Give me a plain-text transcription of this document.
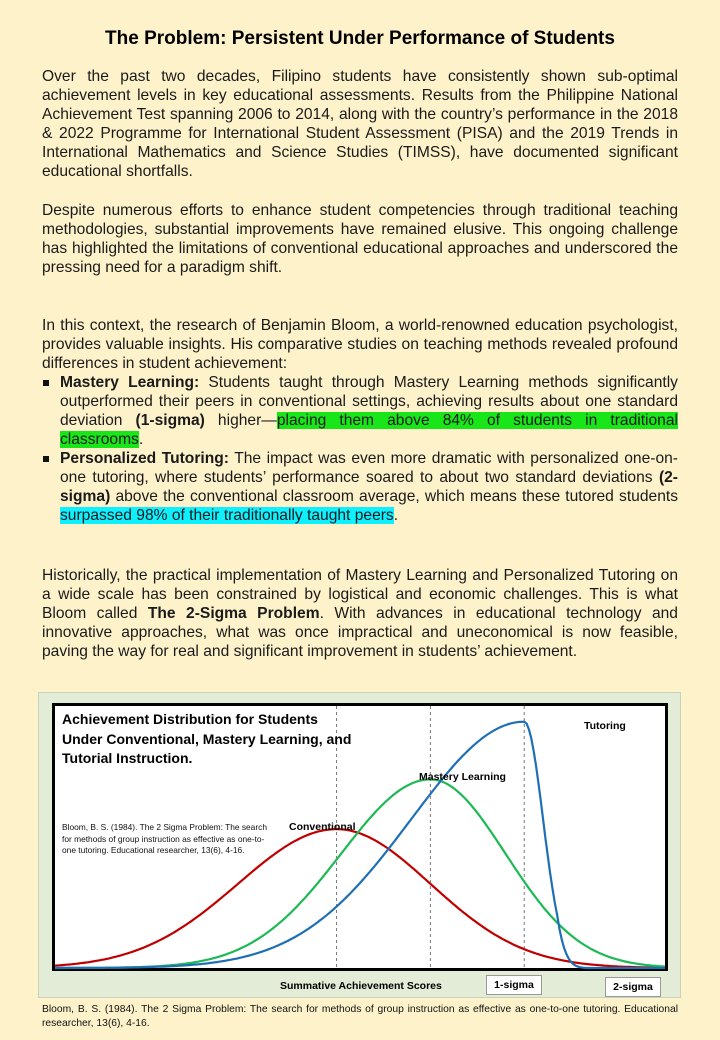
The Problem: Persistent Under Performance of Students

Over the past two decades, Filipino students have consistently shown sub-optimal achievement levels in key educational assessments. Results from the Philippine National Achievement Test spanning 2006 to 2014, along with the country’s performance in the 2018 & 2022 Programme for International Student Assessment (PISA) and the 2019 Trends in International Mathematics and Science Studies (TIMSS), have documented significant educational shortfalls.

Despite numerous efforts to enhance student competencies through traditional teaching methodologies, substantial improvements have remained elusive. This ongoing challenge has highlighted the limitations of conventional educational approaches and underscored the pressing need for a paradigm shift.

In this context, the research of Benjamin Bloom, a world-renowned education psychologist, provides valuable insights. His comparative studies on teaching methods revealed profound differences in student achievement:

Mastery Learning: Students taught through Mastery Learning methods significantly outperformed their peers in conventional settings, achieving results about one standard deviation (1-sigma) higher—placing them above 84% of students in traditional classrooms.
Personalized Tutoring: The impact was even more dramatic with personalized one-on-one tutoring, where students’ performance soared to about two standard deviations (2-sigma) above the conventional classroom average, which means these tutored students surpassed 98% of their traditionally taught peers.

Historically, the practical implementation of Mastery Learning and Personalized Tutoring on a wide scale has been constrained by logistical and economic challenges. This is what Bloom called The 2-Sigma Problem. With advances in educational technology and innovative approaches, what was once impractical and uneconomical is now feasible, paving the way for real and significant improvement in students’ achievement.

Achievement Distribution for Students Under Conventional, Mastery Learning, and Tutorial Instruction.
Bloom, B. S. (1984). The 2 Sigma Problem: The search for methods of group instruction as effective as one-to-one tutoring. Educational researcher, 13(6), 4-16.
Conventional
Mastery Learning
Tutoring
Summative Achievement Scores	1-sigma	2-sigma
Bloom, B. S. (1984). The 2 Sigma Problem: The search for methods of group instruction as effective as one-to-one tutoring. Educational researcher, 13(6), 4-16.
